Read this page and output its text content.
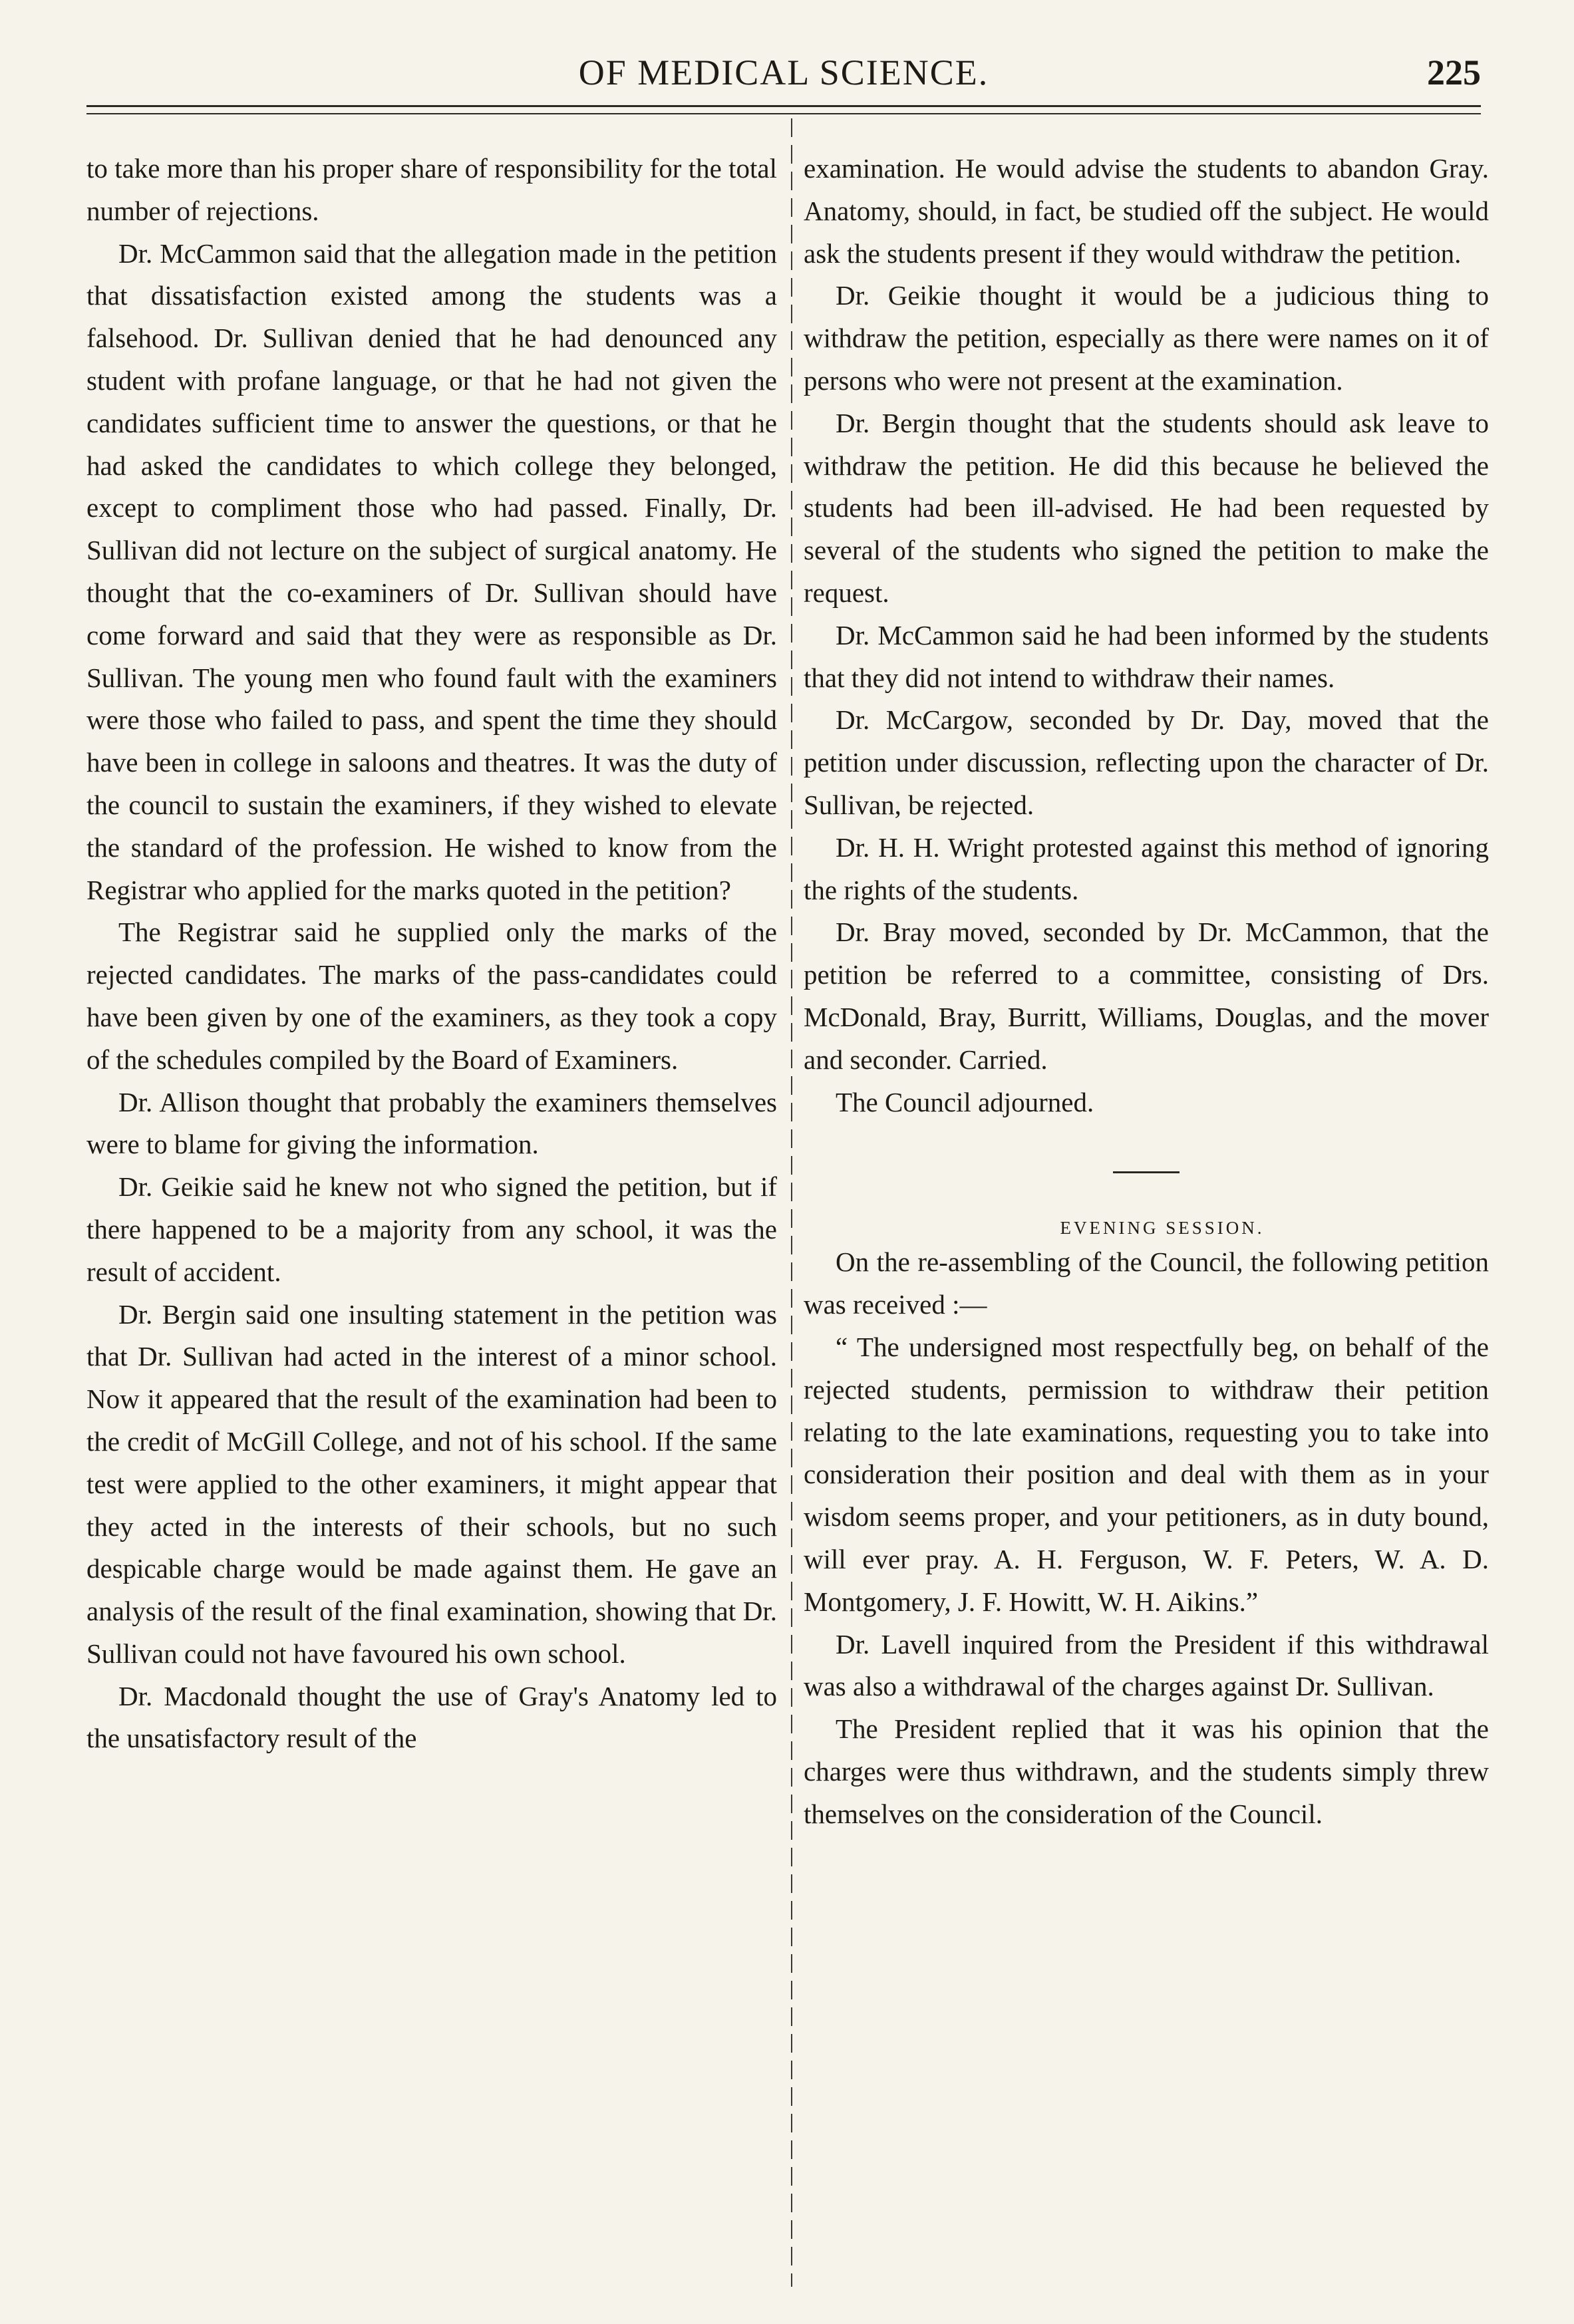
OF MEDICAL SCIENCE.	225

to take more than his proper share of responsibility for the total number of rejections.

Dr. McCammon said that the allegation made in the petition that dissatisfaction existed among the students was a falsehood. Dr. Sullivan denied that he had denounced any student with profane language, or that he had not given the candidates sufficient time to answer the questions, or that he had asked the candidates to which college they belonged, except to compliment those who had passed. Finally, Dr. Sullivan did not lecture on the subject of surgical anatomy. He thought that the co-examiners of Dr. Sullivan should have come forward and said that they were as responsible as Dr. Sullivan. The young men who found fault with the examiners were those who failed to pass, and spent the time they should have been in college in saloons and theatres. It was the duty of the council to sustain the examiners, if they wished to elevate the standard of the profession. He wished to know from the Registrar who applied for the marks quoted in the petition?

The Registrar said he supplied only the marks of the rejected candidates. The marks of the pass-candidates could have been given by one of the examiners, as they took a copy of the schedules compiled by the Board of Examiners.

Dr. Allison thought that probably the examiners themselves were to blame for giving the information.

Dr. Geikie said he knew not who signed the petition, but if there happened to be a majority from any school, it was the result of accident.

Dr. Bergin said one insulting statement in the petition was that Dr. Sullivan had acted in the interest of a minor school. Now it appeared that the result of the examination had been to the credit of McGill College, and not of his school. If the same test were applied to the other examiners, it might appear that they acted in the interests of their schools, but no such despicable charge would be made against them. He gave an analysis of the result of the final examination, showing that Dr. Sullivan could not have favoured his own school.

Dr. Macdonald thought the use of Gray's Anatomy led to the unsatisfactory result of the

examination. He would advise the students to abandon Gray. Anatomy, should, in fact, be studied off the subject. He would ask the students present if they would withdraw the petition.

Dr. Geikie thought it would be a judicious thing to withdraw the petition, especially as there were names on it of persons who were not present at the examination.

Dr. Bergin thought that the students should ask leave to withdraw the petition. He did this because he believed the students had been ill-advised. He had been requested by several of the students who signed the petition to make the request.

Dr. McCammon said he had been informed by the students that they did not intend to withdraw their names.

Dr. McCargow, seconded by Dr. Day, moved that the petition under discussion, reflecting upon the character of Dr. Sullivan, be rejected.

Dr. H. H. Wright protested against this method of ignoring the rights of the students.

Dr. Bray moved, seconded by Dr. McCammon, that the petition be referred to a committee, consisting of Drs. McDonald, Bray, Burritt, Williams, Douglas, and the mover and seconder. Carried.

The Council adjourned.

EVENING SESSION.

On the re-assembling of the Council, the following petition was received :—

“ The undersigned most respectfully beg, on behalf of the rejected students, permission to withdraw their petition relating to the late examinations, requesting you to take into consideration their position and deal with them as in your wisdom seems proper, and your petitioners, as in duty bound, will ever pray. A. H. Ferguson, W. F. Peters, W. A. D. Montgomery, J. F. Howitt, W. H. Aikins.”

Dr. Lavell inquired from the President if this withdrawal was also a withdrawal of the charges against Dr. Sullivan.

The President replied that it was his opinion that the charges were thus withdrawn, and the students simply threw themselves on the consideration of the Council.
